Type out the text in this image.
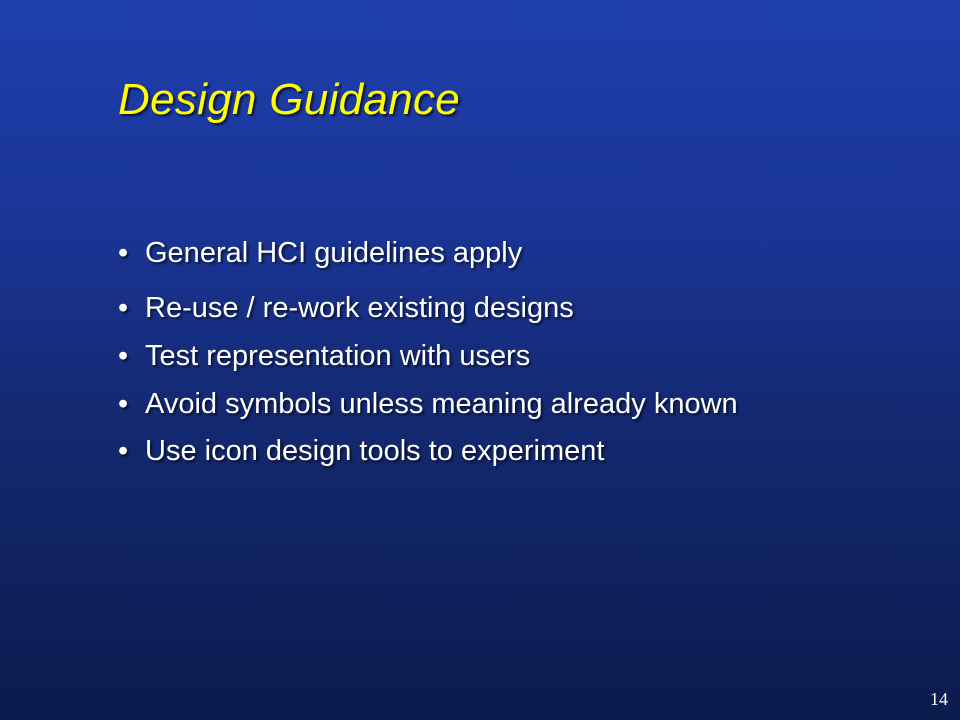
Design Guidance
• General HCI guidelines apply
• Re-use / re-work existing designs
• Test representation with users
• Avoid symbols unless meaning already known
• Use icon design tools to experiment
14
